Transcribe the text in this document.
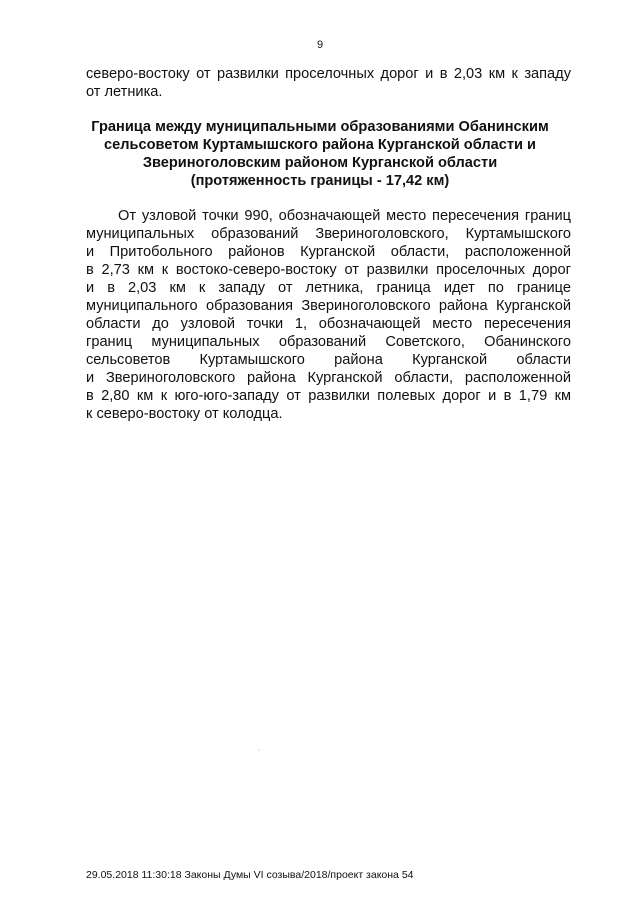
9
северо-востоку от развилки проселочных дорог и в 2,03 км к западу
от летника.
Граница между муниципальными образованиями Обанинским
сельсоветом Куртамышского района Курганской области и
Звериноголовским районом Курганской области
(протяженность границы - 17,42 км)
От узловой точки 990, обозначающей место пересечения границ
муниципальных образований Звериноголовского, Куртамышского
и Притобольного районов Курганской области, расположенной
в 2,73 км к востоко-северо-востоку от развилки проселочных дорог
и в 2,03 км к западу от летника, граница идет по границе
муниципального образования Звериноголовского района Курганской
области до узловой точки 1, обозначающей место пересечения
границ муниципальных образований Советского, Обанинского
сельсоветов Куртамышского района Курганской области
и Звериноголовского района Курганской области, расположенной
в 2,80 км к юго-юго-западу от развилки полевых дорог и в 1,79 км
к северо-востоку от колодца.
ˎ
29.05.2018 11:30:18 Законы Думы VI созыва/2018/проект закона 54
